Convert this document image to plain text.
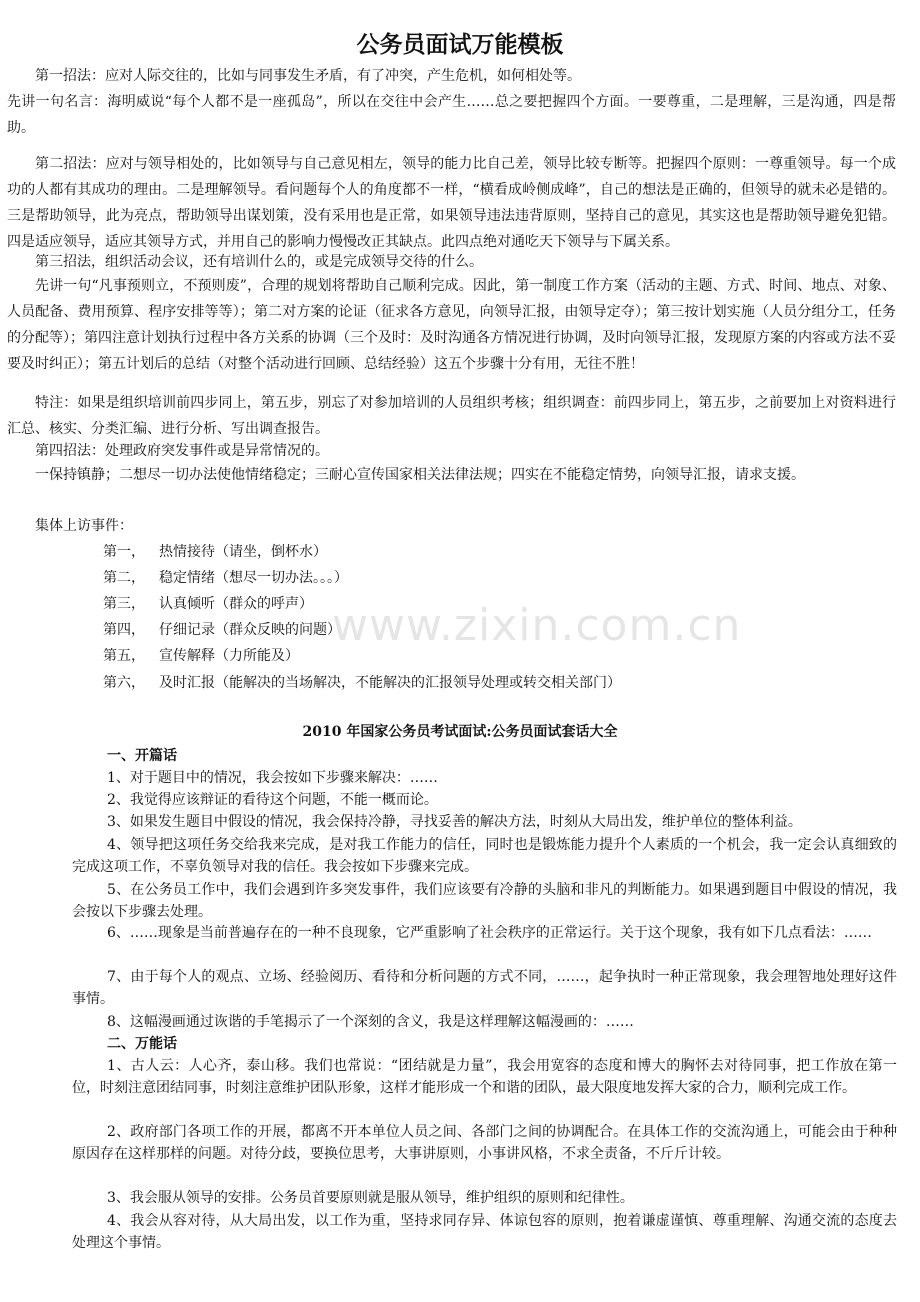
公务员面试万能模板

第一招法：应对人际交往的，比如与同事发生矛盾，有了冲突，产生危机，如何相处等。

先讲一句名言：海明威说“每个人都不是一座孤岛”，所以在交往中会产生……总之要把握四个方面。一要尊重，二是理解，三是沟通，四是帮助。

第二招法：应对与领导相处的，比如领导与自己意见相左，领导的能力比自己差，领导比较专断等。把握四个原则：一尊重领导。每一个成功的人都有其成功的理由。二是理解领导。看问题每个人的角度都不一样，“横看成岭侧成峰”，自己的想法是正确的，但领导的就未必是错的。三是帮助领导，此为亮点，帮助领导出谋划策，没有采用也是正常，如果领导违法违背原则，坚持自己的意见，其实这也是帮助领导避免犯错。四是适应领导，适应其领导方式，并用自己的影响力慢慢改正其缺点。此四点绝对通吃天下领导与下属关系。

第三招法，组织活动会议，还有培训什么的，或是完成领导交待的什么。

先讲一句“凡事预则立，不预则废”，合理的规划将帮助自己顺利完成。因此，第一制度工作方案（活动的主题、方式、时间、地点、对象、人员配备、费用预算、程序安排等等）；第二对方案的论证（征求各方意见，向领导汇报，由领导定夺）；第三按计划实施（人员分组分工，任务的分配等）；第四注意计划执行过程中各方关系的协调（三个及时：及时沟通各方情况进行协调，及时向领导汇报，发现原方案的内容或方法不妥要及时纠正）；第五计划后的总结（对整个活动进行回顾、总结经验）这五个步骤十分有用，无往不胜！

特注：如果是组织培训前四步同上，第五步，别忘了对参加培训的人员组织考核；组织调查：前四步同上，第五步，之前要加上对资料进行汇总、核实、分类汇编、进行分析、写出调查报告。

第四招法：处理政府突发事件或是异常情况的。

一保持镇静；二想尽一切办法使他情绪稳定；三耐心宣传国家相关法律法规；四实在不能稳定情势，向领导汇报，请求支援。

集体上访事件：

第一， 热情接待（请坐，倒杯水）
第二， 稳定情绪（想尽一切办法。。。）
第三， 认真倾听（群众的呼声）
第四， 仔细记录（群众反映的问题）
第五， 宣传解释（力所能及）
第六， 及时汇报（能解决的当场解决，不能解决的汇报领导处理或转交相关部门）
www.zixin.com.cn
2010 年国家公务员考试面试:公务员面试套话大全
一、开篇话

1、对于题目中的情况，我会按如下步骤来解决：……

2、我觉得应该辩证的看待这个问题，不能一概而论。

3、如果发生题目中假设的情况，我会保持冷静，寻找妥善的解决方法，时刻从大局出发，维护单位的整体利益。

4、领导把这项任务交给我来完成，是对我工作能力的信任，同时也是锻炼能力提升个人素质的一个机会，我一定会认真细致的完成这项工作，不辜负领导对我的信任。我会按如下步骤来完成。

5、在公务员工作中，我们会遇到许多突发事件，我们应该要有冷静的头脑和非凡的判断能力。如果遇到题目中假设的情况，我会按以下步骤去处理。

6、……现象是当前普遍存在的一种不良现象，它严重影响了社会秩序的正常运行。关于这个现象，我有如下几点看法：……

7、由于每个人的观点、立场、经验阅历、看待和分析问题的方式不同，……，起争执时一种正常现象，我会理智地处理好这件事情。

8、这幅漫画通过诙谐的手笔揭示了一个深刻的含义，我是这样理解这幅漫画的：……

二、万能话

1、古人云：人心齐，泰山移。我们也常说：“团结就是力量”，我会用宽容的态度和博大的胸怀去对待同事，把工作放在第一位，时刻注意团结同事，时刻注意维护团队形象，这样才能形成一个和谐的团队，最大限度地发挥大家的合力，顺利完成工作。

2、政府部门各项工作的开展，都离不开本单位人员之间、各部门之间的协调配合。在具体工作的交流沟通上，可能会由于种种原因存在这样那样的问题。对待分歧，要换位思考，大事讲原则，小事讲风格，不求全责备，不斤斤计较。

3、我会服从领导的安排。公务员首要原则就是服从领导，维护组织的原则和纪律性。

4、我会从容对待，从大局出发，以工作为重，坚持求同存异、体谅包容的原则，抱着谦虚谨慎、尊重理解、沟通交流的态度去处理这个事情。
